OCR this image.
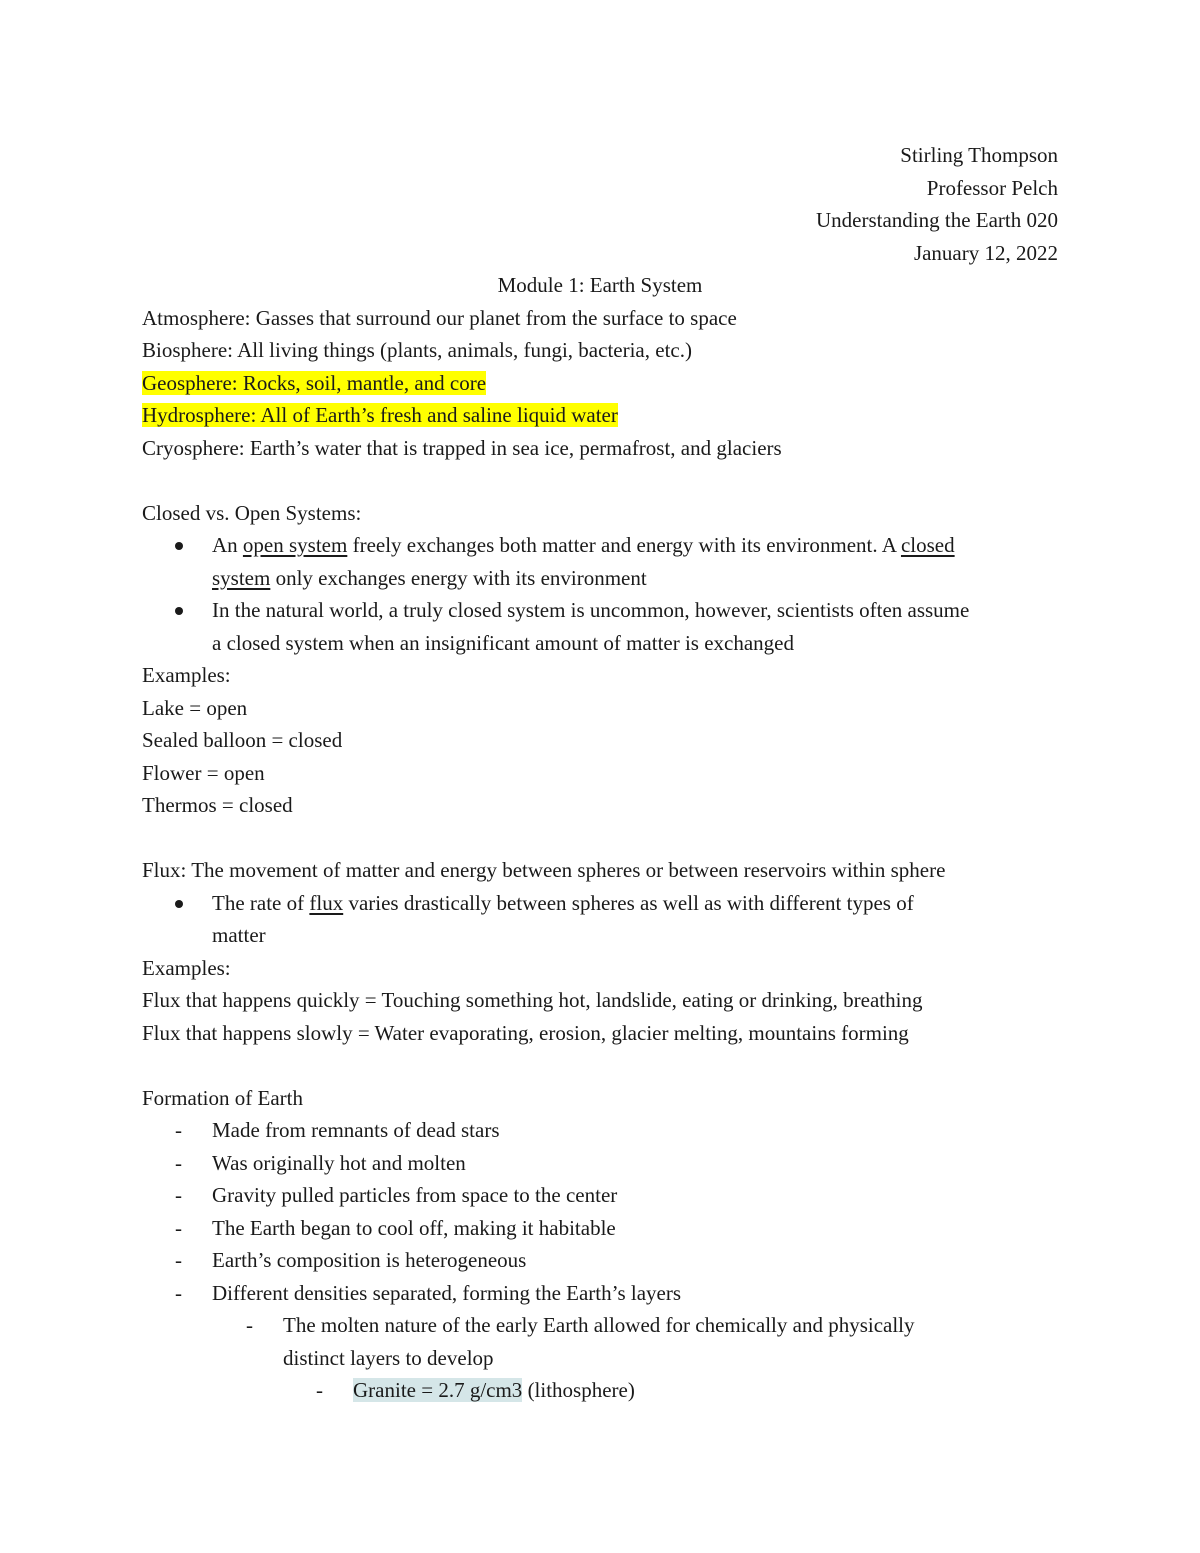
Stirling Thompson
Professor Pelch
Understanding the Earth 020
January 12, 2022
Module 1: Earth System
Atmosphere: Gasses that surround our planet from the surface to space
Biosphere: All living things (plants, animals, fungi, bacteria, etc.)
Geosphere: Rocks, soil, mantle, and core
Hydrosphere: All of Earth’s fresh and saline liquid water
Cryosphere: Earth’s water that is trapped in sea ice, permafrost, and glaciers
Closed vs. Open Systems:
An open system freely exchanges both matter and energy with its environment. A closed
system only exchanges energy with its environment
In the natural world, a truly closed system is uncommon, however, scientists often assume
a closed system when an insignificant amount of matter is exchanged
Examples:
Lake = open
Sealed balloon = closed
Flower = open
Thermos = closed
Flux: The movement of matter and energy between spheres or between reservoirs within sphere
The rate of flux varies drastically between spheres as well as with different types of
matter
Examples:
Flux that happens quickly = Touching something hot, landslide, eating or drinking, breathing
Flux that happens slowly = Water evaporating, erosion, glacier melting, mountains forming
Formation of Earth
- Made from remnants of dead stars
- Was originally hot and molten
- Gravity pulled particles from space to the center
- The Earth began to cool off, making it habitable
- Earth’s composition is heterogeneous
- Different densities separated, forming the Earth’s layers
- The molten nature of the early Earth allowed for chemically and physically
distinct layers to develop
- Granite = 2.7 g/cm3 (lithosphere)
